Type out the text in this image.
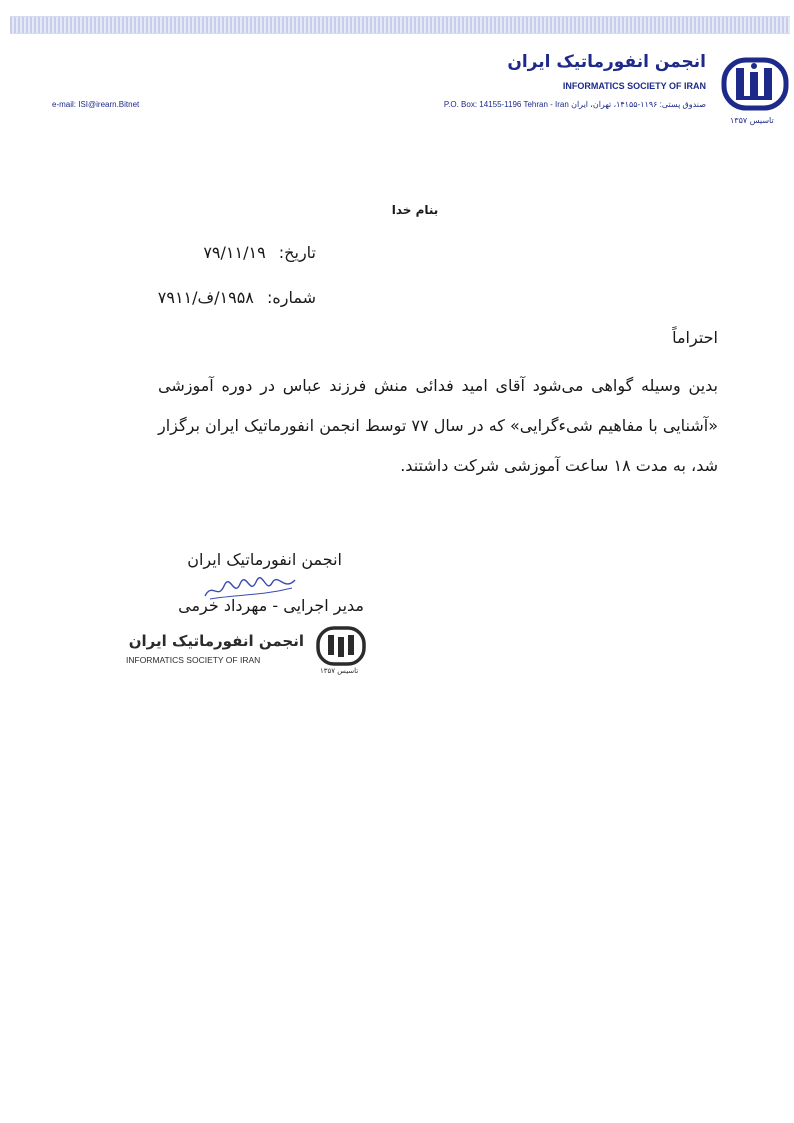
تاسیس ۱۳۵۷
انجمن انفورماتیک ایران
INFORMATICS SOCIETY OF IRAN
P.O. Box: 14155-1196 Tehran - Iran صندوق پستی: ۱۱۹۶-۱۴۱۵۵، تهران، ایران
e-mail: ISI@irearn.Bitnet
بنام خدا
تاریخ: ۷۹/۱۱/۱۹
شماره: ۱۹۵۸/ف/۷۹۱۱
احتراماً
بدین وسیله گواهی می‌شود آقای امید فدائی منش فرزند عباس در دوره آموزشی «آشنایی با مفاهیم شیءگرایی» که در سال ۷۷ توسط انجمن انفورماتیک ایران برگزار شد، به مدت ۱۸ ساعت آموزشی شرکت داشتند.
انجمن انفورماتیک ایران
مدیر اجرایی - مهرداد خرمی
انجمن انفورماتیک ایران
INFORMATICS SOCIETY OF IRAN
تاسیس ۱۳۵۷
